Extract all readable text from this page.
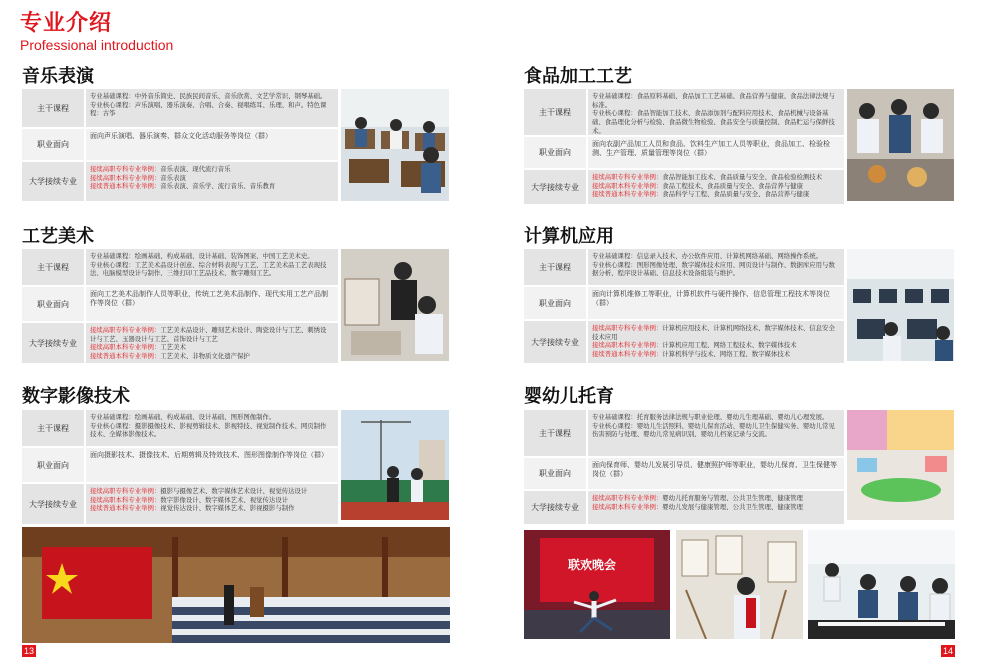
专业介绍
Professional introduction
音乐表演
主干课程
专业基础课程：中外音乐简史、民族民间音乐、音乐欣赏、文艺学常识、钢琴基础。
专业核心课程：声乐演唱、器乐演奏、合唱、合奏、视唱练耳、乐理、和声。特色课程：古筝
职业面向
面向声乐演唱、器乐演奏、群众文化活动服务等岗位（群）
大学接续专业
接续高职专科专业举例：音乐表演、现代流行音乐
接续高职本科专业举例：音乐表演
接续普通本科专业举例：音乐表演、音乐学、流行音乐、音乐教育
食品加工工艺
主干课程
专业基础课程：食品原料基础、食品加工工艺基础、食品营养与健康、食品法律法规与标准。
专业核心课程：食品智能加工技术、食品添加剂与配料应用技术、食品机械与设备基础、食品理化分析与检验、食品微生物检验、食品安全与质量控制、食品贮运与保鲜技术。
职业面向
面向农副产品加工人员和食品、饮料生产加工人员等职业，食品加工、检验检测、生产管理、质量管理等岗位（群）
大学接续专业
接续高职专科专业举例：食品智能加工技术、食品质量与安全、食品检验检测技术
接续高职本科专业举例：食品工程技术、食品质量与安全、食品营养与健康
接续普通本科专业举例：食品科学与工程、食品质量与安全、食品营养与健康
工艺美术
主干课程
专业基础课程：绘画基础、构成基础、设计基础、装饰图案、中国工艺美术史。
专业核心课程：工艺美术品设计创意、综合材料表现与工艺、工艺美术品工艺表现技法、电脑模型设计与制作、三维打印工艺品技术、数字雕刻工艺。
职业面向
面向工艺美术品制作人员等职业，传统工艺美术品制作、现代实用工艺产品制作等岗位（群）
大学接续专业
接续高职专科专业举例：工艺美术品设计、雕刻艺术设计、陶瓷设计与工艺、刺绣设计与工艺、玉器设计与工艺、首饰设计与工艺
接续高职本科专业举例：工艺美术
接续普通本科专业举例：工艺美术、非物质文化遗产保护
计算机应用
主干课程
专业基础课程：信息录入技术、办公软件应用、计算机网络基础、网络操作系统。
专业核心课程：图形图像处理、数字媒体技术应用、网页设计与制作、数据库应用与数据分析、程序设计基础、信息技术设备组装与维护。
职业面向
面向计算机维修工等职业，计算机软件与硬件操作、信息管理工程技术等岗位（群）
大学接续专业
接续高职专科专业举例：计算机应用技术、计算机网络技术、数字媒体技术、信息安全技术应用
接续高职本科专业举例：计算机应用工程、网络工程技术、数字媒体技术
接续普通本科专业举例：计算机科学与技术、网络工程、数字媒体技术
数字影像技术
主干课程
专业基础课程：绘画基础、构成基础、设计基础、图形图像制作。
专业核心课程：摄影摄像技术、影视剪辑技术、影视特技、视觉制作技术、网页制作技术、全媒体影像技术。
职业面向
面向摄影技术、摄像技术、后期剪辑及特效技术、图形图像制作等岗位（群）
大学接续专业
接续高职专科专业举例：摄影与摄像艺术、数字媒体艺术设计、视觉传达设计
接续高职本科专业举例：数字影像设计、数字媒体艺术、视觉传达设计
接续普通本科专业举例：视觉传达设计、数字媒体艺术、影视摄影与制作
婴幼儿托育
主干课程
专业基础课程：托育服务法律法规与职业伦理、婴幼儿生理基础、婴幼儿心理发展。
专业核心课程：婴幼儿生活照料、婴幼儿保育活动、婴幼儿卫生保健实务、婴幼儿常见伤害预防与处理、婴幼儿常见病识别、婴幼儿档案记录与交流。
职业面向
面向保育师、婴幼儿发展引导员、健康照护师等职业，婴幼儿保育、卫生保健等岗位（群）
大学接续专业
接续高职专科专业举例：婴幼儿托育服务与管理、公共卫生管理、健康管理
接续高职本科专业举例：婴幼儿发展与健康管理、公共卫生管理、健康管理
联欢晚会
13	14
